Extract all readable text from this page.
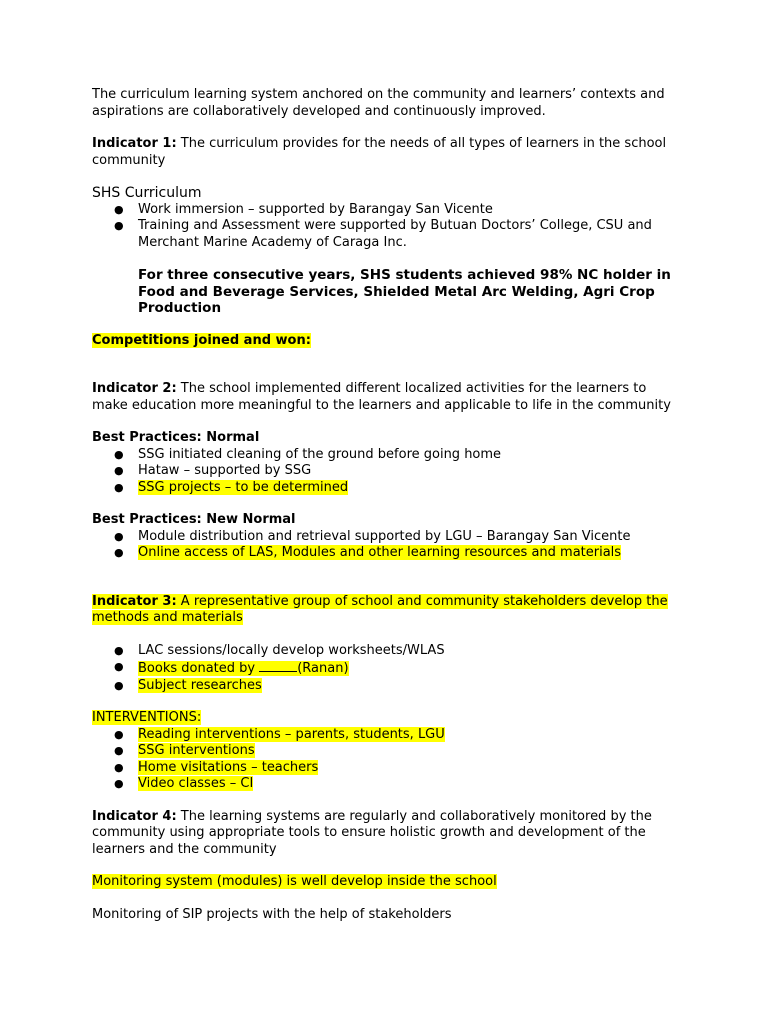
The curriculum learning system anchored on the community and learners’ contexts and aspirations are collaboratively developed and continuously improved.

Indicator 1: The curriculum provides for the needs of all types of learners in the school community

SHS Curriculum

● Work immersion – supported by Barangay San Vicente
● Training and Assessment were supported by Butuan Doctors’ College, CSU and Merchant Marine Academy of Caraga Inc.

For three consecutive years, SHS students achieved 98% NC holder in Food and Beverage Services, Shielded Metal Arc Welding, Agri Crop Production

Competitions joined and won:

Indicator 2: The school implemented different localized activities for the learners to make education more meaningful to the learners and applicable to life in the community

Best Practices: Normal

● SSG initiated cleaning of the ground before going home
● Hataw – supported by SSG
● SSG projects – to be determined

Best Practices: New Normal

● Module distribution and retrieval supported by LGU – Barangay San Vicente
● Online access of LAS, Modules and other learning resources and materials

Indicator 3: A representative group of school and community stakeholders develop the methods and materials

● LAC sessions/locally develop worksheets/WLAS
● Books donated by	(Ranan)
● Subject researches

INTERVENTIONS:

● Reading interventions – parents, students, LGU
● SSG interventions
● Home visitations – teachers
● Video classes – CI

Indicator 4: The learning systems are regularly and collaboratively monitored by the community using appropriate tools to ensure holistic growth and development of the learners and the community

Monitoring system (modules) is well develop inside the school

Monitoring of SIP projects with the help of stakeholders
